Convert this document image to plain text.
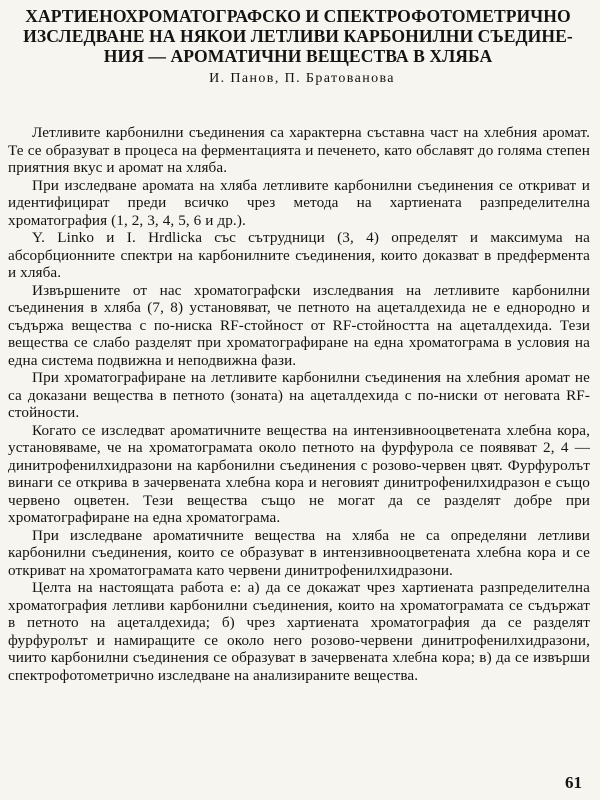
ХАРТИЕНОХРОМАТОГРАФСКО И СПЕКТРОФОТОМЕТРИЧНО
ИЗСЛЕДВАНЕ НА НЯКОИ ЛЕТЛИВИ КАРБОНИЛНИ СЪЕДИНЕ-
НИЯ — АРОМАТИЧНИ ВЕЩЕСТВА В ХЛЯБА

И. Панов, П. Братованова

Летливите карбонилни съединения са характерна съставна част на хлебния аромат. Те се образуват в процеса на ферментацията и печенето, като обславят до голяма степен приятния вкус и аромат на хляба.

При изследване аромата на хляба летливите карбонилни съединения се откриват и идентифицират преди всичко чрез метода на хартиената разпределителна хроматография (1, 2, 3, 4, 5, 6 и др.).

Y. Linko и I. Hrdlicka със сътрудници (3, 4) определят и максимума на абсорбционните спектри на карбонилните съединения, които доказват в предфермента и хляба.

Извършените от нас хроматографски изследвания на летливите карбонилни съединения в хляба (7, 8) установяват, че петното на ацеталдехида не е еднородно и съдържа вещества с по-ниска RF-стойност от RF-стойността на ацеталдехида. Тези вещества се слабо разделят при хроматографиране на една хроматограма в условия на една система подвижна и неподвижна фази.

При хроматографиране на летливите карбонилни съединения на хлебния аромат не са доказани вещества в петното (зоната) на ацеталдехида с по-ниски от неговата RF-стойности.

Когато се изследват ароматичните вещества на интензивнооцветената хлебна кора, установяваме, че на хроматограмата около петното на фурфурола се появяват 2, 4 — динитрофенилхидразони на карбонилни съединения с розово-червен цвят. Фурфуролът винаги се открива в зачервената хлебна кора и неговият динитрофенилхидразон е също червено оцветен. Тези вещества също не могат да се разделят добре при хроматографиране на една хроматограма.

При изследване ароматичните вещества на хляба не са определяни летливи карбонилни съединения, които се образуват в интензивнооцветената хлебна кора и се откриват на хроматограмата като червени динитрофенилхидразони.

Целта на настоящата работа е: а) да се докажат чрез хартиената разпределителна хроматография летливи карбонилни съединения, които на хроматограмата се съдържат в петното на ацеталдехида; б) чрез хартиената хроматография да се разделят фурфуролът и намиращите се около него розово-червени динитрофенилхидразони, чиито карбонилни съединения се образуват в зачервената хлебна кора; в) да се извърши спектрофотометрично изследване на анализираните вещества.

61
